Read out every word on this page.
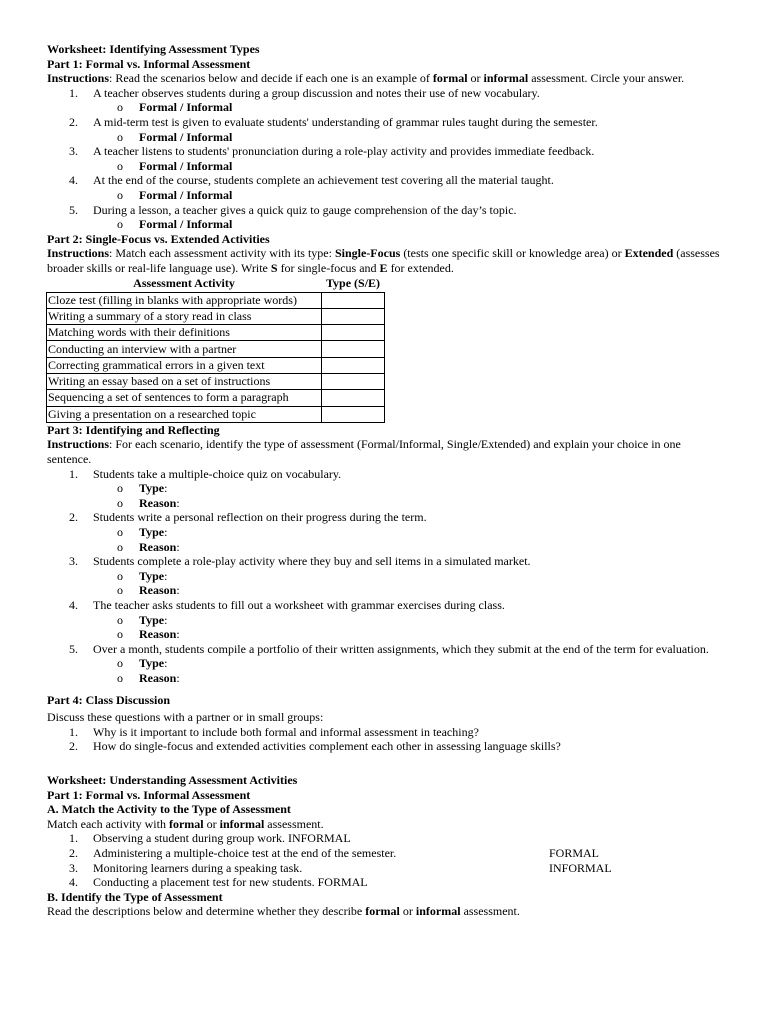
Worksheet: Identifying Assessment Types

Part 1: Formal vs. Informal Assessment

Instructions: Read the scenarios below and decide if each one is an example of formal or informal assessment. Circle your answer.

1.	A teacher observes students during a group discussion and notes their use of new vocabulary.
o Formal / Informal
2.	A mid-term test is given to evaluate students' understanding of grammar rules taught during the semester.
o Formal / Informal
3.	A teacher listens to students' pronunciation during a role-play activity and provides immediate feedback.
o Formal / Informal
4.	At the end of the course, students complete an achievement test covering all the material taught.
o Formal / Informal
5.	During a lesson, a teacher gives a quick quiz to gauge comprehension of the day’s topic.
o Formal / Informal

Part 2: Single-Focus vs. Extended Activities

Instructions: Match each assessment activity with its type: Single-Focus (tests one specific skill or knowledge area) or Extended (assesses broader skills or real-life language use). Write S for single-focus and E for extended.

Assessment Activity	Type (S/E)
Cloze test (filling in blanks with appropriate words)	
Writing a summary of a story read in class	
Matching words with their definitions	
Conducting an interview with a partner	
Correcting grammatical errors in a given text	
Writing an essay based on a set of instructions	
Sequencing a set of sentences to form a paragraph	
Giving a presentation on a researched topic	

Part 3: Identifying and Reflecting

Instructions: For each scenario, identify the type of assessment (Formal/Informal, Single/Extended) and explain your choice in one sentence.

1.	Students take a multiple-choice quiz on vocabulary.
o Type:
o Reason:
2.	Students write a personal reflection on their progress during the term.
o Type:
o Reason:
3.	Students complete a role-play activity where they buy and sell items in a simulated market.
o Type:
o Reason:
4.	The teacher asks students to fill out a worksheet with grammar exercises during class.
o Type:
o Reason:
5.	Over a month, students compile a portfolio of their written assignments, which they submit at the end of the term for evaluation.
o Type:
o Reason:

Part 4: Class Discussion

Discuss these questions with a partner or in small groups:

1.	Why is it important to include both formal and informal assessment in teaching?
2.	How do single-focus and extended activities complement each other in assessing language skills?

Worksheet: Understanding Assessment Activities

Part 1: Formal vs. Informal Assessment

A. Match the Activity to the Type of Assessment

Match each activity with formal or informal assessment.

1.	Observing a student during group work. INFORMAL
2.	Administering a multiple-choice test at the end of the semester.	FORMAL
3.	Monitoring learners during a speaking task.	INFORMAL
4.	Conducting a placement test for new students. FORMAL

B. Identify the Type of Assessment

Read the descriptions below and determine whether they describe formal or informal assessment.
